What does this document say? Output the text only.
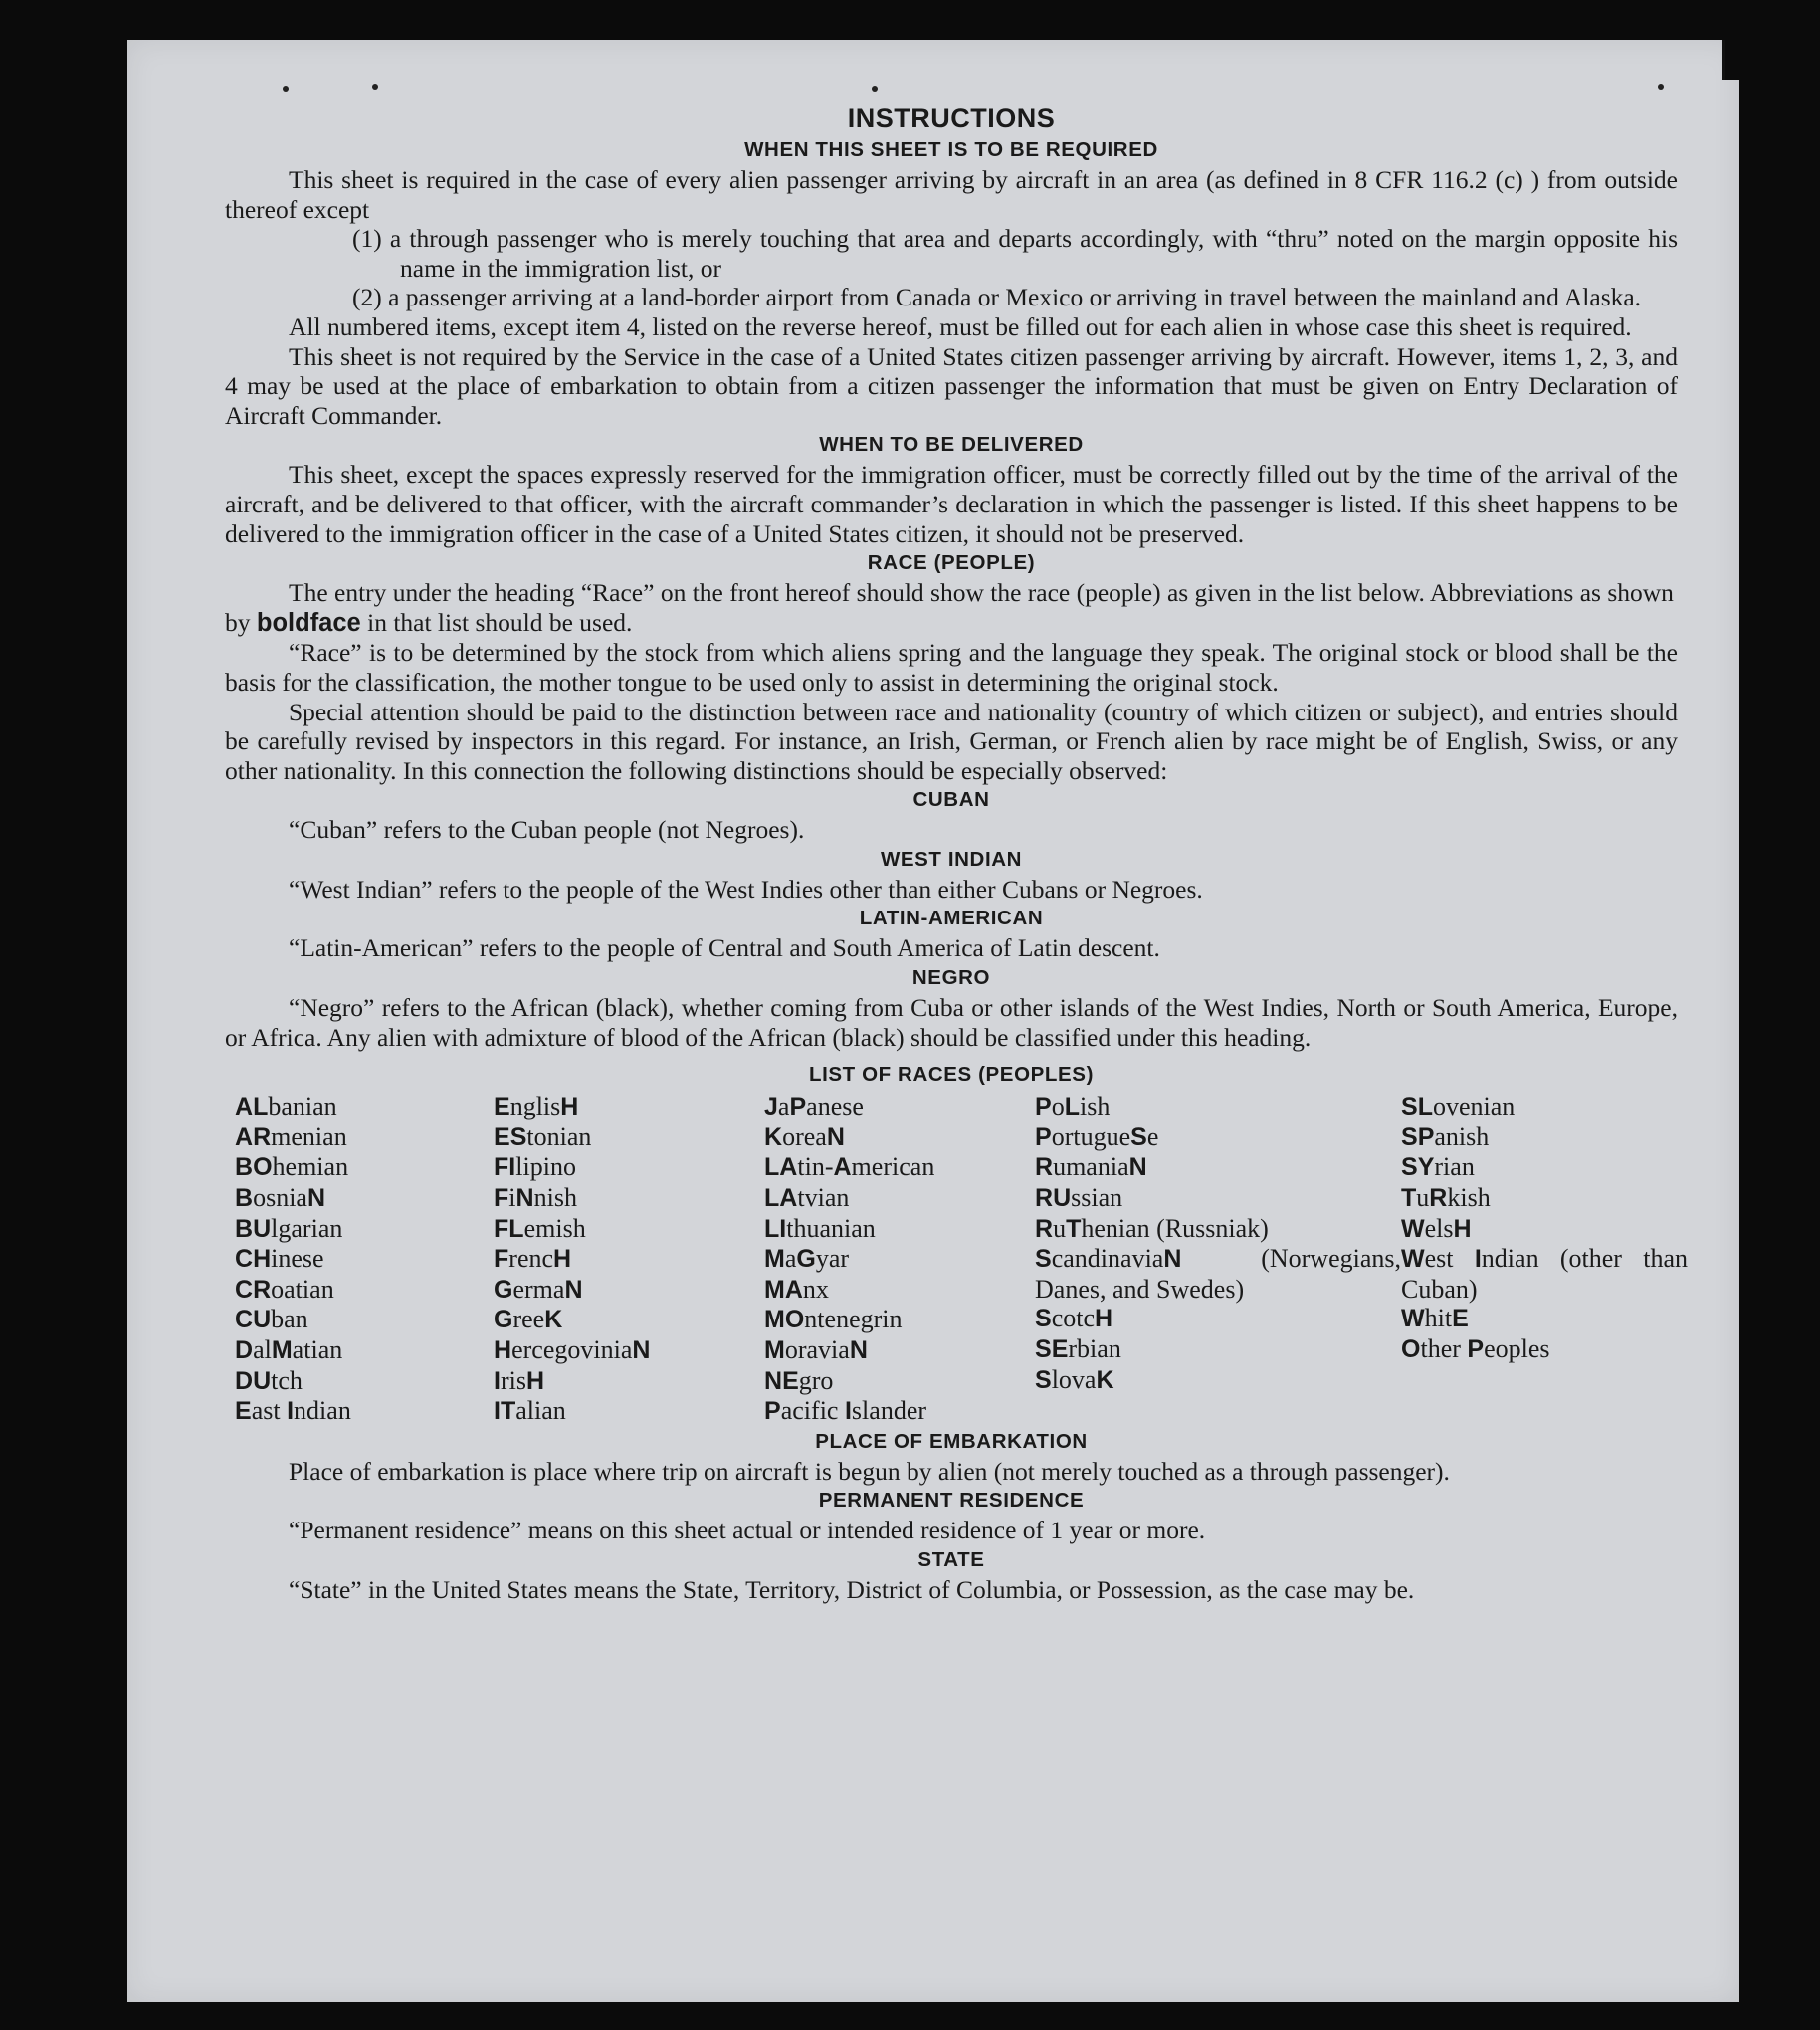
INSTRUCTIONS
WHEN THIS SHEET IS TO BE REQUIRED

This sheet is required in the case of every alien passenger arriving by aircraft in an area (as defined in 8 CFR 116.2 (c) ) from outside thereof except

(1) a through passenger who is merely touching that area and departs accordingly, with “thru” noted on the margin opposite his name in the immigration list, or

(2) a passenger arriving at a land-border airport from Canada or Mexico or arriving in travel between the mainland and Alaska.

All numbered items, except item 4, listed on the reverse hereof, must be filled out for each alien in whose case this sheet is required.

This sheet is not required by the Service in the case of a United States citizen passenger arriving by aircraft. However, items 1, 2, 3, and 4 may be used at the place of embarkation to obtain from a citizen passenger the information that must be given on Entry Declaration of Aircraft Commander.

WHEN TO BE DELIVERED

This sheet, except the spaces expressly reserved for the immigration officer, must be correctly filled out by the time of the arrival of the aircraft, and be delivered to that officer, with the aircraft commander’s declaration in which the passenger is listed. If this sheet happens to be delivered to the immigration officer in the case of a United States citizen, it should not be preserved.

RACE (PEOPLE)

The entry under the heading “Race” on the front hereof should show the race (people) as given in the list below. Abbreviations as shown by boldface in that list should be used.

“Race” is to be determined by the stock from which aliens spring and the language they speak. The original stock or blood shall be the basis for the classification, the mother tongue to be used only to assist in determining the original stock.

Special attention should be paid to the distinction between race and nationality (country of which citizen or subject), and entries should be carefully revised by inspectors in this regard. For instance, an Irish, German, or French alien by race might be of English, Swiss, or any other nationality. In this connection the following distinctions should be especially observed:

CUBAN

“Cuban” refers to the Cuban people (not Negroes).

WEST INDIAN

“West Indian” refers to the people of the West Indies other than either Cubans or Negroes.

LATIN-AMERICAN

“Latin-American” refers to the people of Central and South America of Latin descent.

NEGRO

“Negro” refers to the African (black), whether coming from Cuba or other islands of the West Indies, North or South America, Europe, or Africa. Any alien with admixture of blood of the African (black) should be classified under this heading.

LIST OF RACES (PEOPLES)
ALbanian
ARmenian
BOhemian
BosniaN
BUlgarian
CHinese
CRoatian
CUban
DalMatian
DUtch
East Indian
EnglisH
EStonian
FIlipino
FiNnish
FLemish
FrencH
GermaN
GreeK
HercegoviniaN
IrisH
ITalian
JaPanese
KoreaN
LAtin-American
LAtvian
LIthuanian
MaGyar
MAnx
MOntenegrin
MoraviaN
NEgro
Pacific Islander
PoLish
PortugueSe
RumaniaN
RUssian
RuThenian (Russniak)
ScandinaviaN	(Norwegians, Danes, and Swedes)
ScotcH
SErbian
SlovaK
SLovenian
SPanish
SYrian
TuRkish
WelsH
West Indian (other than Cuban)
WhitE
Other Peoples
PLACE OF EMBARKATION

Place of embarkation is place where trip on aircraft is begun by alien (not merely touched as a through passenger).

PERMANENT RESIDENCE

“Permanent residence” means on this sheet actual or intended residence of 1 year or more.

STATE

“State” in the United States means the State, Territory, District of Columbia, or Possession, as the case may be.
